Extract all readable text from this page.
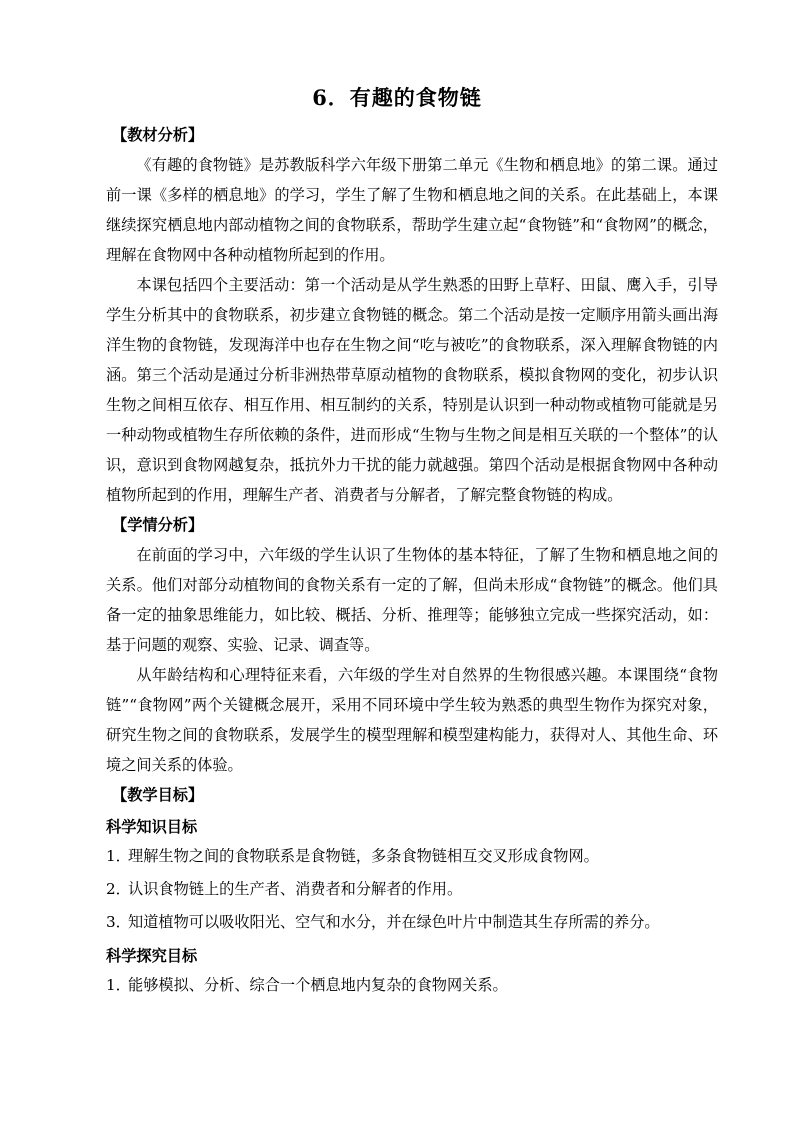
6．有趣的食物链
【教材分析】

《有趣的食物链》是苏教版科学六年级下册第二单元《生物和栖息地》的第二课。通过前一课《多样的栖息地》的学习，学生了解了生物和栖息地之间的关系。在此基础上，本课继续探究栖息地内部动植物之间的食物联系，帮助学生建立起“食物链”和“食物网”的概念，理解在食物网中各种动植物所起到的作用。

本课包括四个主要活动：第一个活动是从学生熟悉的田野上草籽、田鼠、鹰入手，引导学生分析其中的食物联系，初步建立食物链的概念。第二个活动是按一定顺序用箭头画出海洋生物的食物链，发现海洋中也存在生物之间“吃与被吃”的食物联系，深入理解食物链的内涵。第三个活动是通过分析非洲热带草原动植物的食物联系，模拟食物网的变化，初步认识生物之间相互依存、相互作用、相互制约的关系，特别是认识到一种动物或植物可能就是另一种动物或植物生存所依赖的条件，进而形成“生物与生物之间是相互关联的一个整体”的认识，意识到食物网越复杂，抵抗外力干扰的能力就越强。第四个活动是根据食物网中各种动植物所起到的作用，理解生产者、消费者与分解者，了解完整食物链的构成。

【学情分析】

在前面的学习中，六年级的学生认识了生物体的基本特征，了解了生物和栖息地之间的关系。他们对部分动植物间的食物关系有一定的了解，但尚未形成“食物链”的概念。他们具备一定的抽象思维能力，如比较、概括、分析、推理等；能够独立完成一些探究活动，如：基于问题的观察、实验、记录、调查等。

从年龄结构和心理特征来看，六年级的学生对自然界的生物很感兴趣。本课围绕“食物链”“食物网”两个关键概念展开，采用不同环境中学生较为熟悉的典型生物作为探究对象，研究生物之间的食物联系，发展学生的模型理解和模型建构能力，获得对人、其他生命、环境之间关系的体验。

【教学目标】
科学知识目标
1．理解生物之间的食物联系是食物链，多条食物链相互交叉形成食物网。
2．认识食物链上的生产者、消费者和分解者的作用。
3．知道植物可以吸收阳光、空气和水分，并在绿色叶片中制造其生存所需的养分。
科学探究目标
1．能够模拟、分析、综合一个栖息地内复杂的食物网关系。
